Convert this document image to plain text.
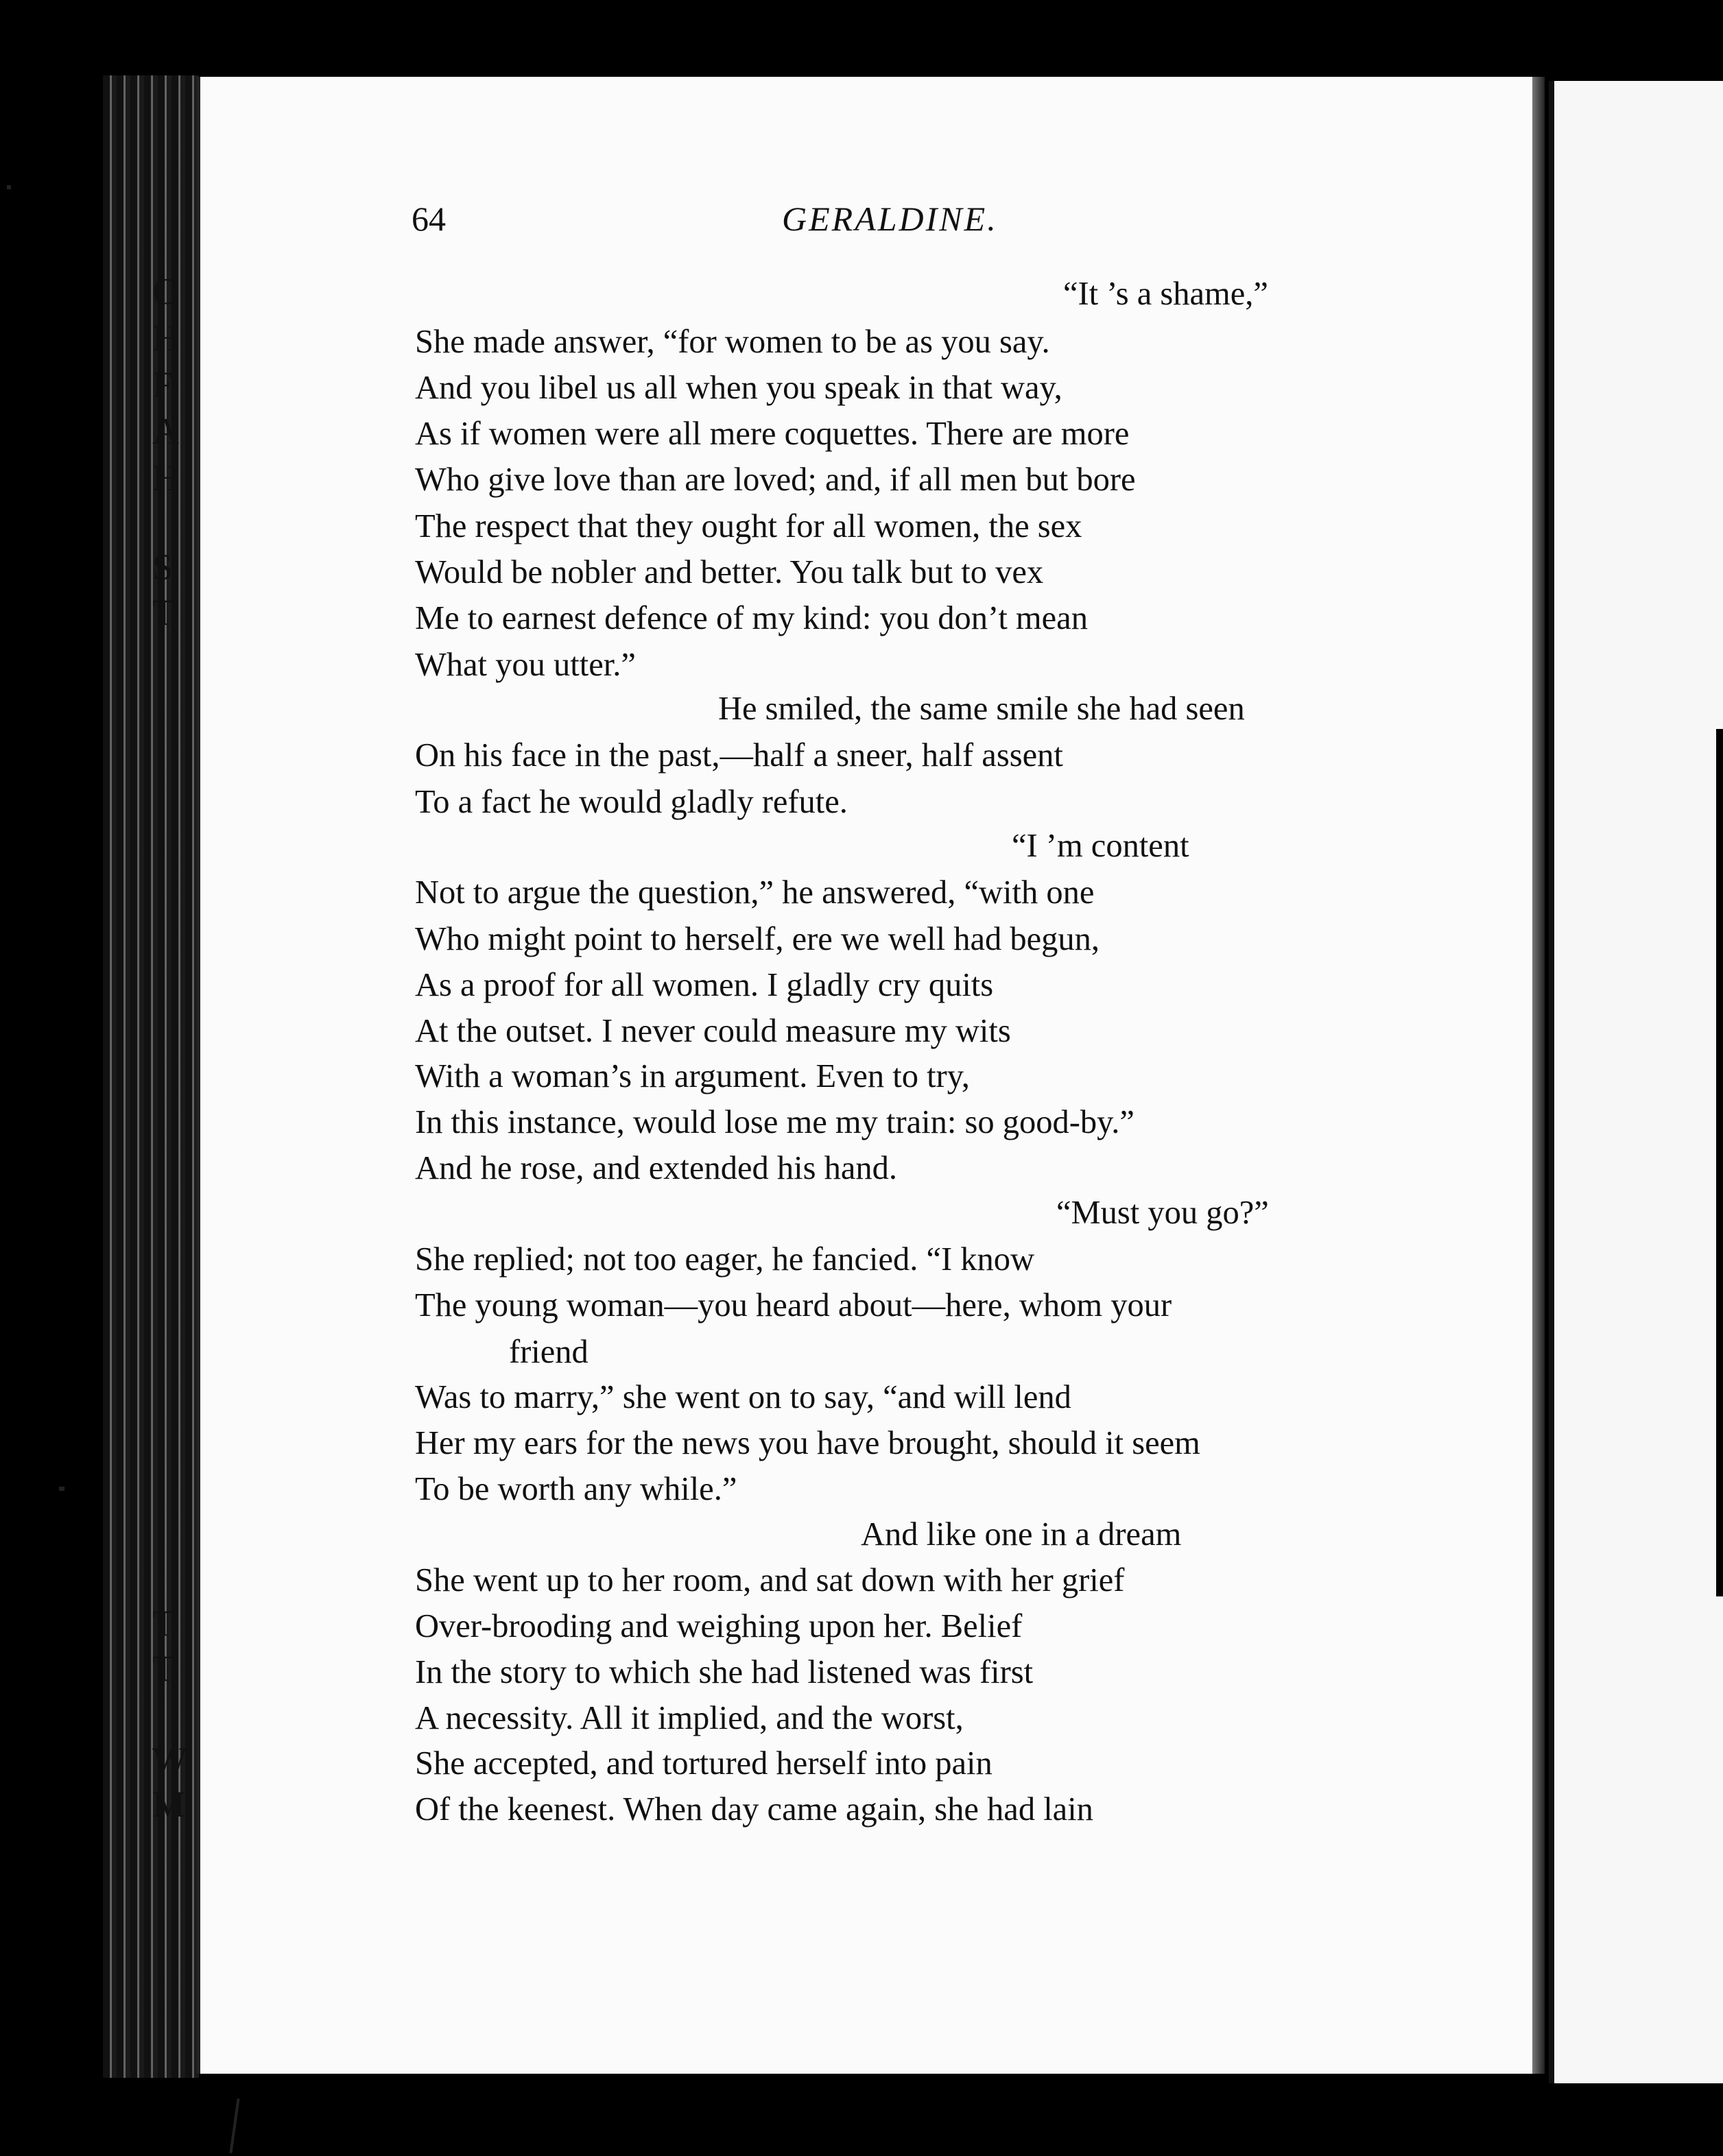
C
H
F
A
H
S
T
T
T
W
M
64	GERALDINE.
“It ’s a shame,”
She made answer, “for women to be as you say.
And you libel us all when you speak in that way,
As if women were all mere coquettes. There are more
Who give love than are loved; and, if all men but bore
The respect that they ought for all women, the sex
Would be nobler and better. You talk but to vex
Me to earnest defence of my kind: you don’t mean
What you utter.”
He smiled, the same smile she had seen
On his face in the past,—half a sneer, half assent
To a fact he would gladly refute.
“I ’m content
Not to argue the question,” he answered, “with one
Who might point to herself, ere we well had begun,
As a proof for all women. I gladly cry quits
At the outset. I never could measure my wits
With a woman’s in argument. Even to try,
In this instance, would lose me my train: so good-by.”
And he rose, and extended his hand.
“Must you go?”
She replied; not too eager, he fancied. “I know
The young woman—you heard about—here, whom your
friend
Was to marry,” she went on to say, “and will lend
Her my ears for the news you have brought, should it seem
To be worth any while.”
And like one in a dream
She went up to her room, and sat down with her grief
Over-brooding and weighing upon her. Belief
In the story to which she had listened was first
A necessity. All it implied, and the worst,
She accepted, and tortured herself into pain
Of the keenest. When day came again, she had lain
